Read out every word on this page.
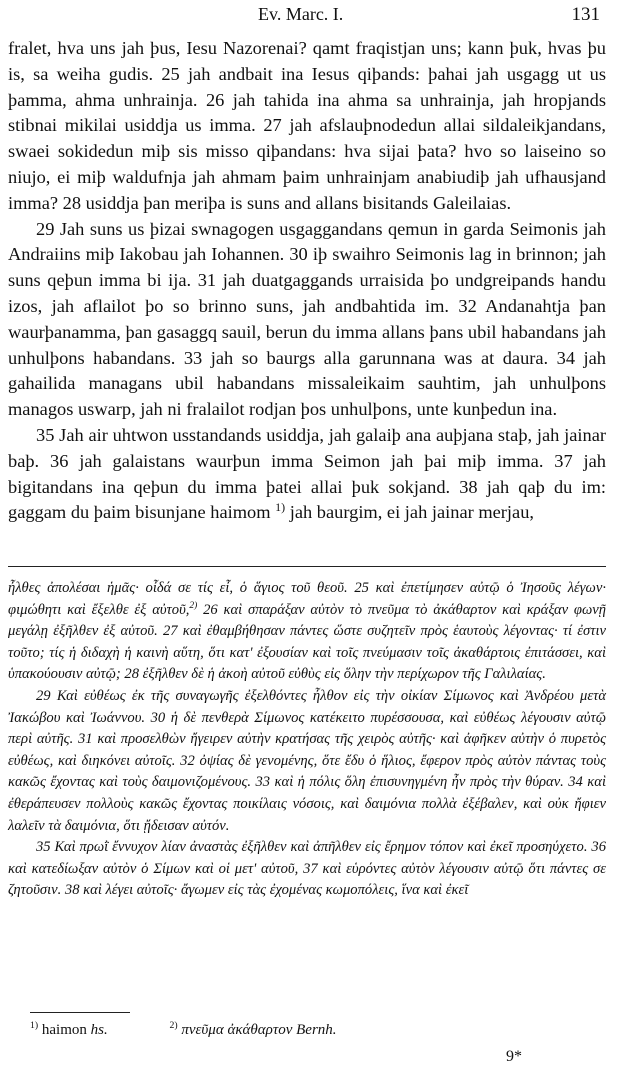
Ev. Marc. I.	131

fralet, hva uns jah þus, Iesu Nazorenai? qamt fraqistjan uns; kann þuk, hvas þu is, sa weiha gudis. 25 jah andbait ina Iesus qiþands: þahai jah usgagg ut us þamma, ahma unhrainja. 26 jah tahida ina ahma sa unhrainja, jah hropjands stibnai mikilai usiddja us imma. 27 jah afslauþnodedun allai sildaleikjandans, swaei sokidedun miþ sis misso qiþandans: hva sijai þata? hvo so laiseino so niujo, ei miþ waldufnja jah ahmam þaim unhrainjam anabiudiþ jah ufhausjand imma? 28 usiddja þan meriþa is suns and allans bisitands Galeilaias.

29 Jah suns us þizai swnagogen usgaggandans qemun in garda Seimonis jah Andraiins miþ Iakobau jah Iohannen. 30 iþ swaihro Seimonis lag in brinnon; jah suns qeþun imma bi ija. 31 jah duatgaggands urraisida þo undgreipands handu izos, jah aflailot þo so brinno suns, jah andbahtida im. 32 Andanahtja þan waurþanamma, þan gasaggq sauil, berun du imma allans þans ubil habandans jah unhulþons habandans. 33 jah so baurgs alla garunnana was at daura. 34 jah gahailida managans ubil habandans missaleikaim sauhtim, jah unhulþons managos uswarp, jah ni fralailot rodjan þos unhulþons, unte kunþedun ina.

35 Jah air uhtwon usstandands usiddja, jah galaiþ ana auþjana staþ, jah jainar baþ. 36 jah galaistans waurþun imma Seimon jah þai miþ imma. 37 jah bigitandans ina qeþun du imma þatei allai þuk sokjand. 38 jah qaþ du im: gaggam du þaim bisunjane haimom $^{1)}$ jah baurgim, ei jah jainar merjau,

ἦλθες ἀπολέσαι ἡμᾶς· οἶδά σε τίς εἶ, ὁ ἅγιος τοῦ θεοῦ. 25 καὶ ἐπετίμησεν αὐτῷ ὁ Ἰησοῦς λέγων· φιμώθητι καὶ ἔξελθε ἐξ αὐτοῦ,$^{2)}$ 26 καὶ σπαράξαν αὐτὸν τὸ πνεῦμα τὸ ἀκάθαρτον καὶ κράξαν φωνῇ μεγάλῃ ἐξῆλθεν ἐξ αὐτοῦ. 27 καὶ ἐθαμβήθησαν πάντες ὥστε συζητεῖν πρὸς ἑαυτοὺς λέγοντας· τί ἐστιν τοῦτο; τίς ἡ διδαχὴ ἡ καινὴ αὕτη, ὅτι κατ' ἐξουσίαν καὶ τοῖς πνεύμασιν τοῖς ἀκαθάρτοις ἐπιτάσσει, καὶ ὑπακούουσιν αὐτῷ; 28 ἐξῆλθεν δὲ ἡ ἀκοὴ αὐτοῦ εὐθὺς εἰς ὅλην τὴν περίχωρον τῆς Γαλιλαίας.

29 Καὶ εὐθέως ἐκ τῆς συναγωγῆς ἐξελθόντες ἦλθον εἰς τὴν οἰκίαν Σίμωνος καὶ Ἀνδρέου μετὰ Ἰακώβου καὶ Ἰωάννου. 30 ἡ δὲ πενθερὰ Σίμωνος κατέκειτο πυρέσσουσα, καὶ εὐθέως λέγουσιν αὐτῷ περὶ αὐτῆς. 31 καὶ προσελθὼν ἤγειρεν αὐτὴν κρατήσας τῆς χειρὸς αὐτῆς· καὶ ἀφῆκεν αὐτὴν ὁ πυρετὸς εὐθέως, καὶ διηκόνει αὐτοῖς. 32 ὀψίας δὲ γενομένης, ὅτε ἔδυ ὁ ἥλιος, ἔφερον πρὸς αὐτὸν πάντας τοὺς κακῶς ἔχοντας καὶ τοὺς δαιμονιζομένους. 33 καὶ ἡ πόλις ὅλη ἐπισυνηγμένη ἦν πρὸς τὴν θύραν. 34 καὶ ἐθεράπευσεν πολλοὺς κακῶς ἔχοντας ποικίλαις νόσοις, καὶ δαιμόνια πολλὰ ἐξέβαλεν, καὶ οὐκ ἤφιεν λαλεῖν τὰ δαιμόνια, ὅτι ᾔδεισαν αὐτόν.

35 Καὶ πρωῒ ἔννυχον λίαν ἀναστὰς ἐξῆλθεν καὶ ἀπῆλθεν εἰς ἔρημον τόπον καὶ ἐκεῖ προσηύχετο. 36 καὶ κατεδίωξαν αὐτὸν ὁ Σίμων καὶ οἱ μετ' αὐτοῦ, 37 καὶ εὑρόντες αὐτὸν λέγουσιν αὐτῷ ὅτι πάντες σε ζητοῦσιν. 38 καὶ λέγει αὐτοῖς· ἄγωμεν εἰς τὰς ἐχομένας κωμοπόλεις, ἵνα καὶ ἐκεῖ

$^{1)}$ haimon hs.	$^{2)}$ πνεῦμα ἀκάθαρτον Bernh.
9*
